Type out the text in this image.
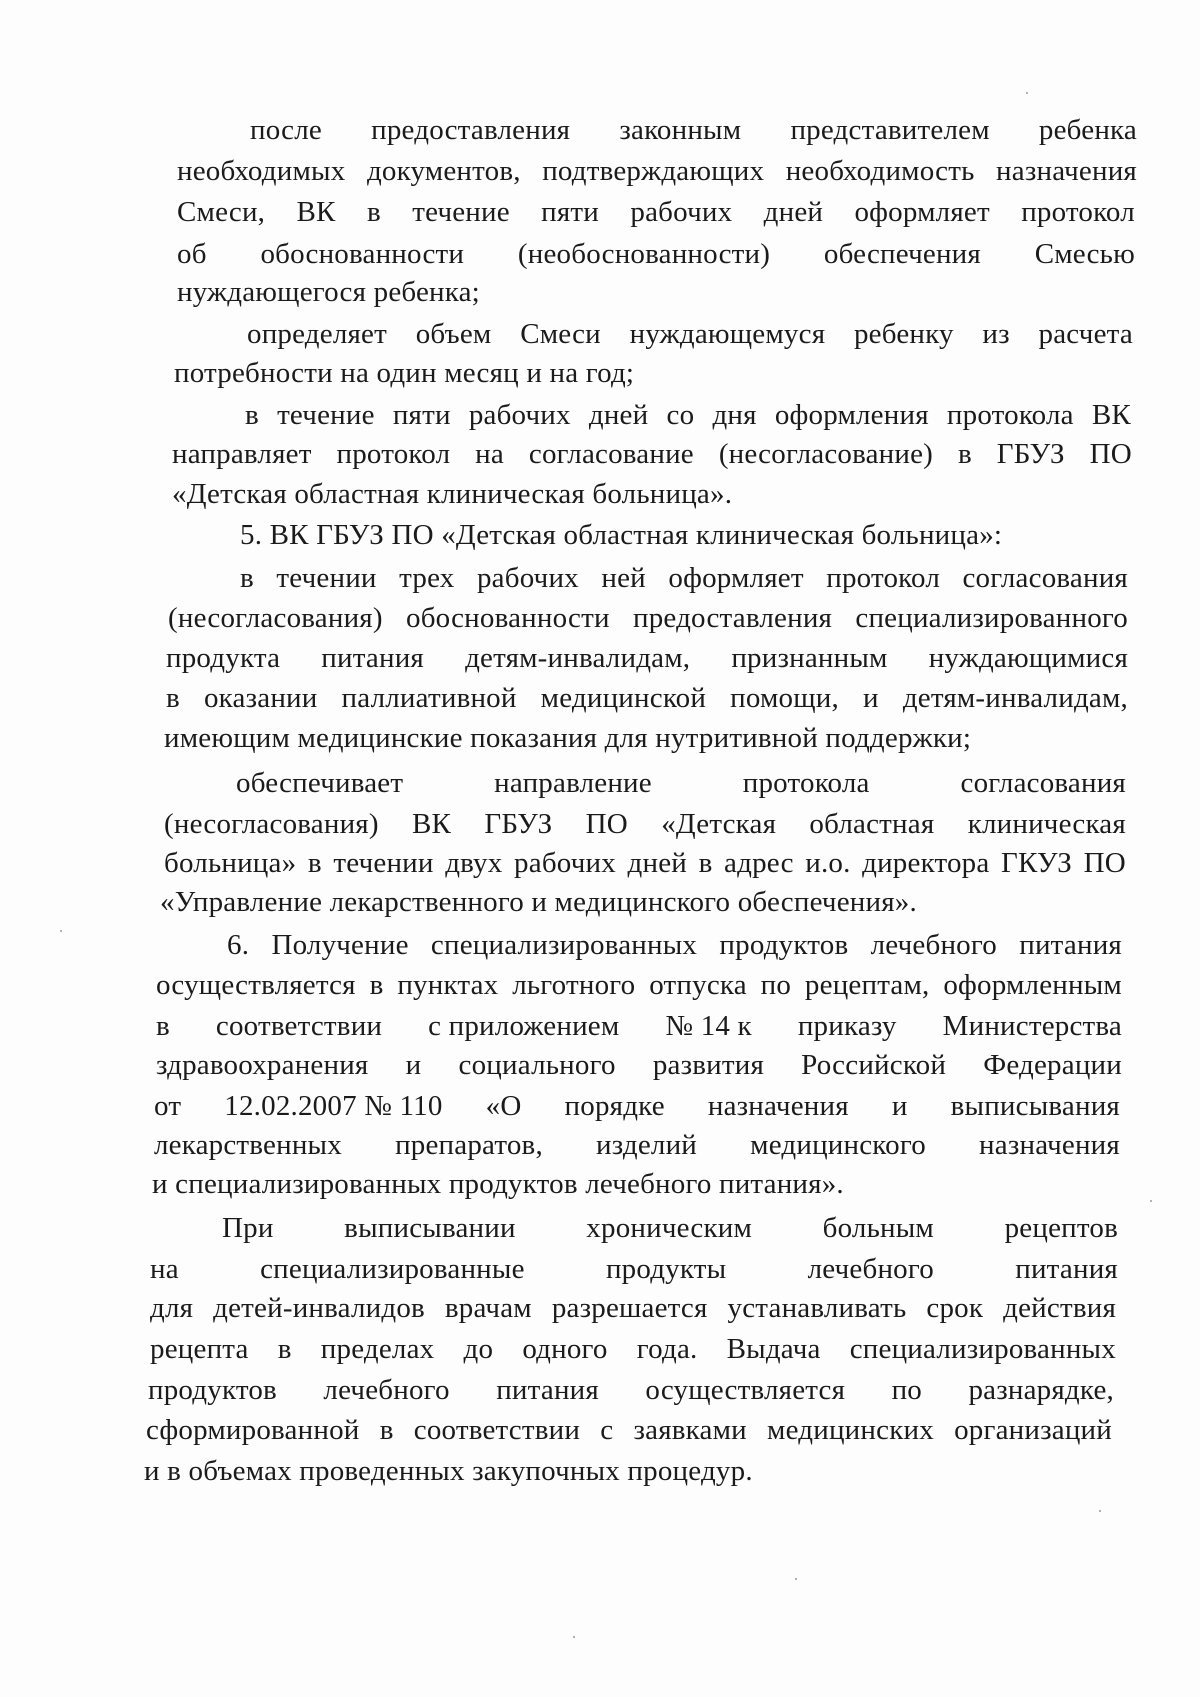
после предоставления законным представителем ребенка
необходимых документов, подтверждающих необходимость назначения
Смеси, ВК в течение пяти рабочих дней оформляет протокол
об обоснованности (необоснованности) обеспечения Смесью
нуждающегося ребенка;
определяет объем Смеси нуждающемуся ребенку из расчета
потребности на один месяц и на год;
в течение пяти рабочих дней со дня оформления протокола ВК
направляет протокол на согласование (несогласование) в ГБУЗ ПО
«Детская областная клиническая больница».
5. ВК ГБУЗ ПО «Детская областная клиническая больница»:
в течении трех рабочих ней оформляет протокол согласования
(несогласования) обоснованности предоставления специализированного
продукта питания детям-инвалидам, признанным нуждающимися
в оказании паллиативной медицинской помощи, и детям-инвалидам,
имеющим медицинские показания для нутритивной поддержки;
обеспечивает	направление	протокола	согласования
(несогласования) ВК ГБУЗ ПО «Детская областная клиническая
больница» в течении двух рабочих дней в адрес и.о. директора ГКУЗ ПО
«Управление лекарственного и медицинского обеспечения».
6. Получение специализированных продуктов лечебного питания
осуществляется в пунктах льготного отпуска по рецептам, оформленным
в соответствии с приложением № 14 к приказу Министерства
здравоохранения и социального развития Российской Федерации
от 12.02.2007 № 110 «О порядке назначения и выписывания
лекарственных препаратов, изделий медицинского назначения
и специализированных продуктов лечебного питания».
При выписывании хроническим больным рецептов
на	специализированные	продукты	лечебного	питания
для детей-инвалидов врачам разрешается устанавливать срок действия
рецепта в пределах до одного года. Выдача специализированных
продуктов лечебного питания осуществляется по разнарядке,
сформированной в соответствии с заявками медицинских организаций
и в объемах проведенных закупочных процедур.
